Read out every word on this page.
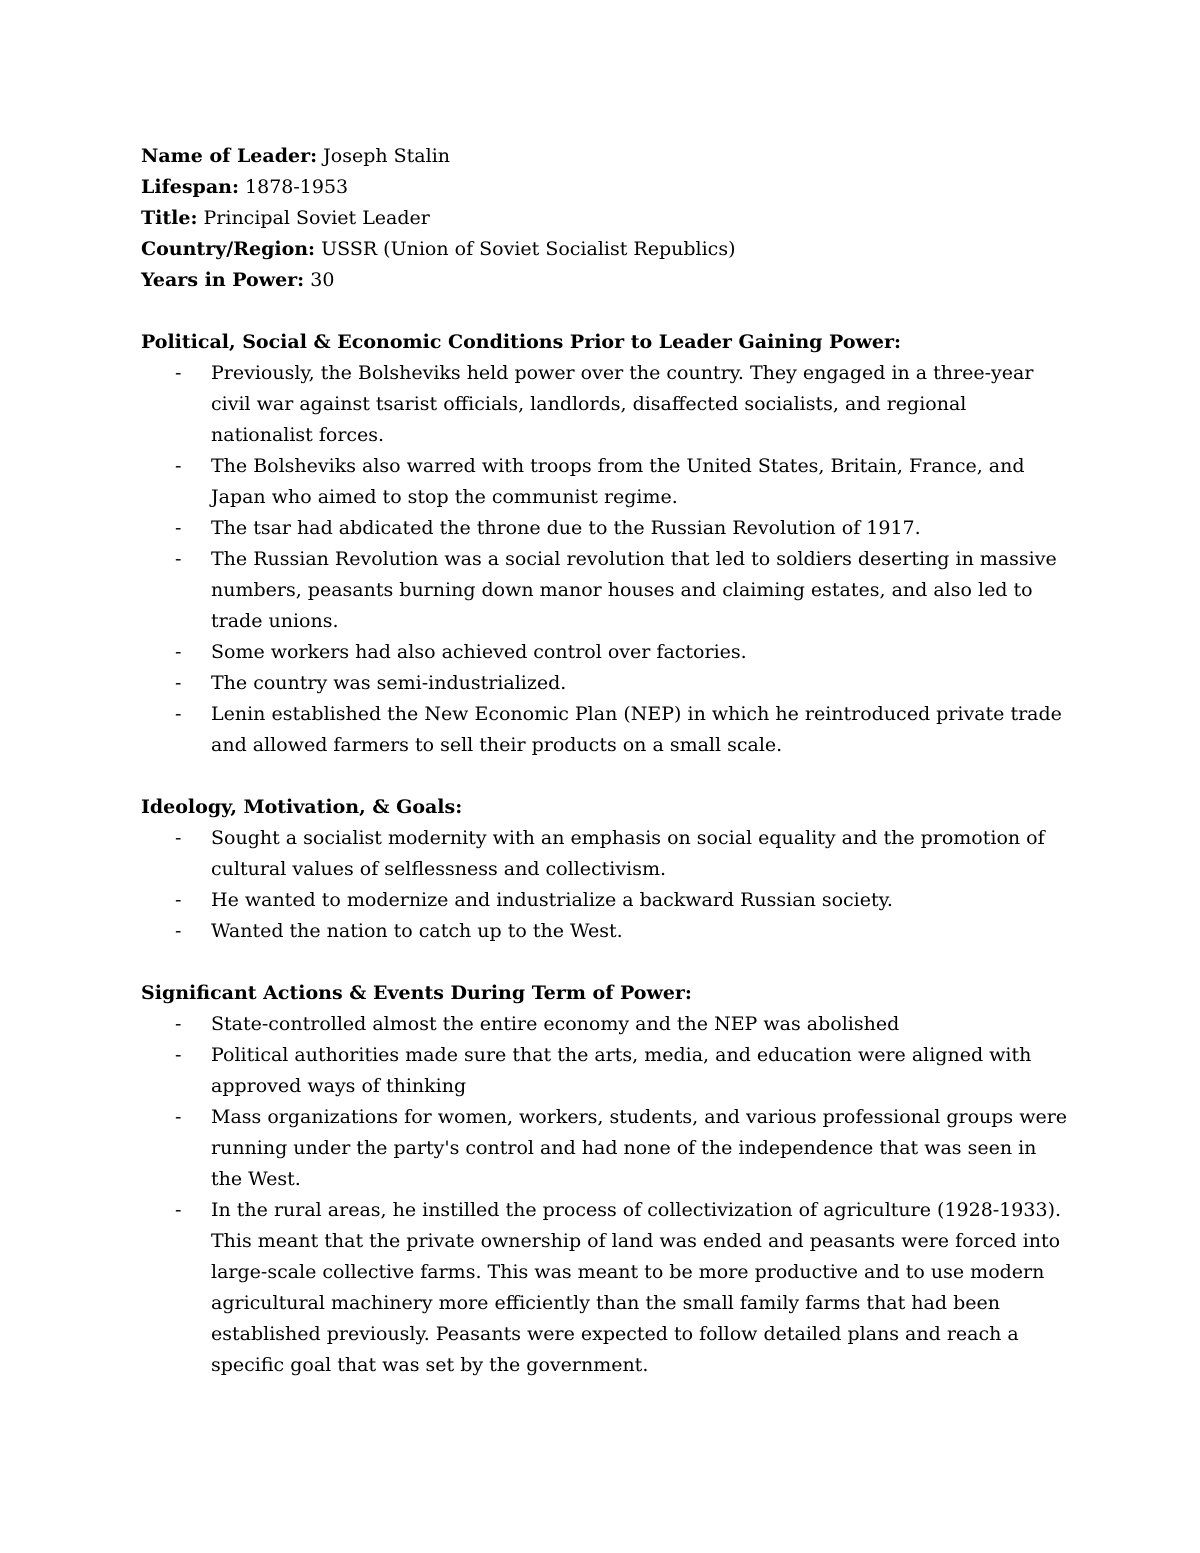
Name of Leader: Joseph Stalin

Lifespan: 1878-1953

Title: Principal Soviet Leader

Country/Region: USSR (Union of Soviet Socialist Republics)

Years in Power: 30

Political, Social & Economic Conditions Prior to Leader Gaining Power:

- Previously, the Bolsheviks held power over the country. They engaged in a three-year civil war against tsarist officials, landlords, disaffected socialists, and regional nationalist forces.
- The Bolsheviks also warred with troops from the United States, Britain, France, and Japan who aimed to stop the communist regime.
- The tsar had abdicated the throne due to the Russian Revolution of 1917.
- The Russian Revolution was a social revolution that led to soldiers deserting in massive numbers, peasants burning down manor houses and claiming estates, and also led to trade unions.
- Some workers had also achieved control over factories.
- The country was semi-industrialized.
- Lenin established the New Economic Plan (NEP) in which he reintroduced private trade and allowed farmers to sell their products on a small scale.

Ideology, Motivation, & Goals:

- Sought a socialist modernity with an emphasis on social equality and the promotion of cultural values of selflessness and collectivism.
- He wanted to modernize and industrialize a backward Russian society.
- Wanted the nation to catch up to the West.

Significant Actions & Events During Term of Power:

- State-controlled almost the entire economy and the NEP was abolished
- Political authorities made sure that the arts, media, and education were aligned with approved ways of thinking
- Mass organizations for women, workers, students, and various professional groups were running under the party's control and had none of the independence that was seen in the West.
- In the rural areas, he instilled the process of collectivization of agriculture (1928-1933). This meant that the private ownership of land was ended and peasants were forced into large-scale collective farms. This was meant to be more productive and to use modern agricultural machinery more efficiently than the small family farms that had been established previously. Peasants were expected to follow detailed plans and reach a specific goal that was set by the government.
